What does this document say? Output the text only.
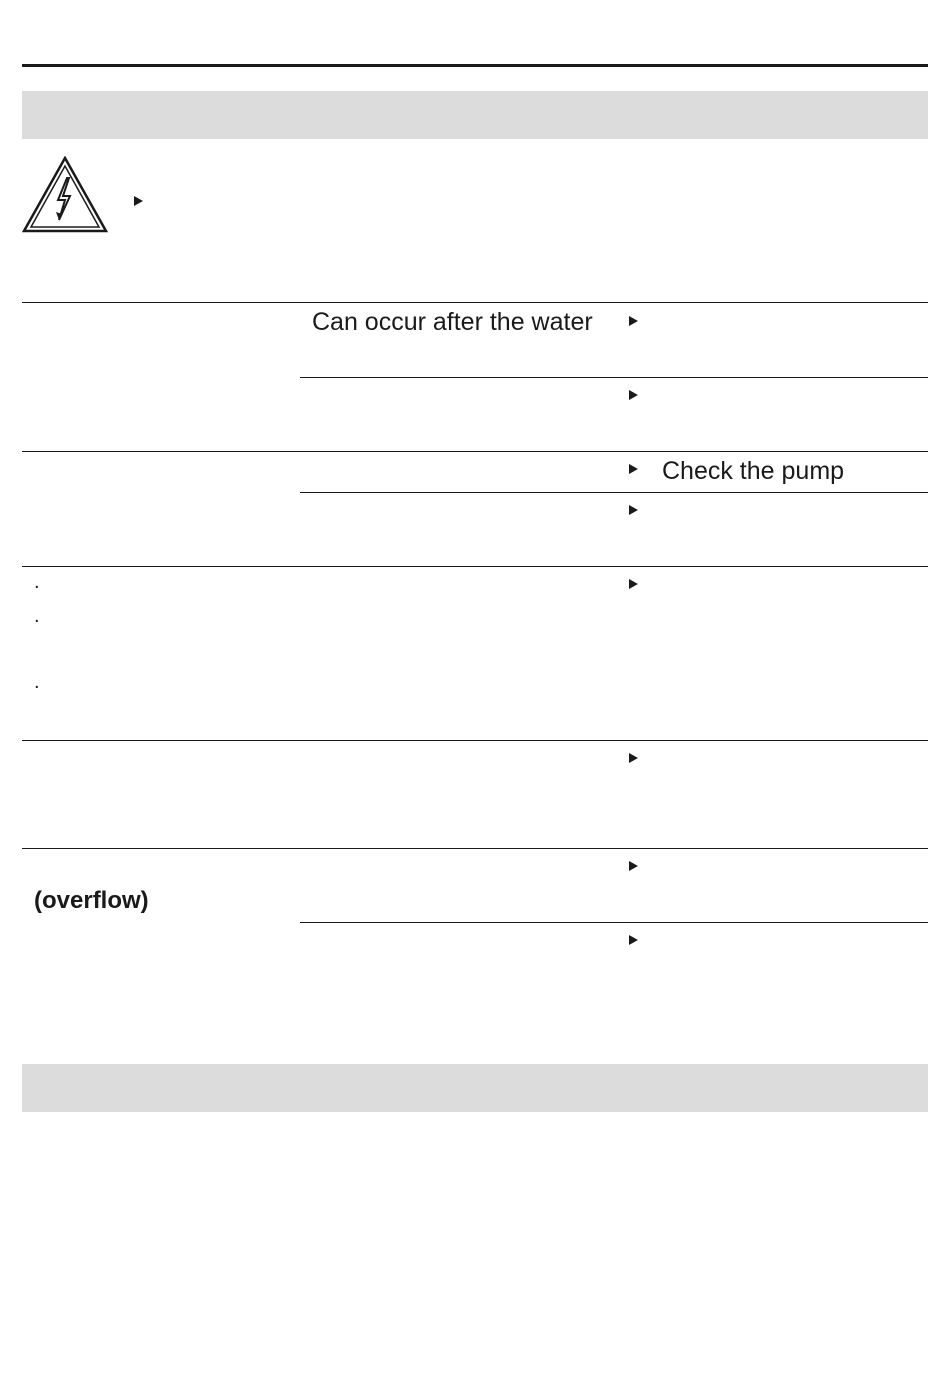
Can occur after the water
Check the pump
.
.
.
(overflow)
